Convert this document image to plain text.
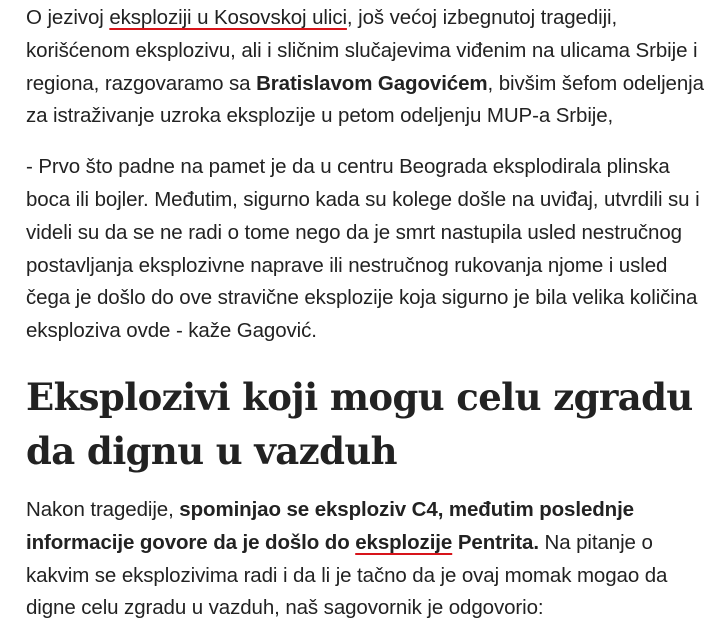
O jezivoj eksploziji u Kosovskoj ulici, još većoj izbegnutoj tragediji, korišćenom eksplozivu, ali i sličnim slučajevima viđenim na ulicama Srbije i regiona, razgovaramo sa Bratislavom Gagovićem, bivšim šefom odeljenja za istraživanje uzroka eksplozije u petom odeljenju MUP-a Srbije,

- Prvo što padne na pamet je da u centru Beograda eksplodirala plinska boca ili bojler. Međutim, sigurno kada su kolege došle na uviđaj, utvrdili su i videli su da se ne radi o tome nego da je smrt nastupila usled nestručnog postavljanja eksplozivne naprave ili nestručnog rukovanja njome i usled čega je došlo do ove stravične eksplozije koja sigurno je bila velika količina eksploziva ovde - kaže Gagović.

Eksplozivi koji mogu celu zgradu da dignu u vazduh

Nakon tragedije, spominjao se eksploziv C4, međutim poslednje informacije govore da je došlo do eksplozije Pentrita. Na pitanje o kakvim se eksplozivima radi i da li je tačno da je ovaj momak mogao da digne celu zgradu u vazduh, naš sagovornik je odgovorio:
